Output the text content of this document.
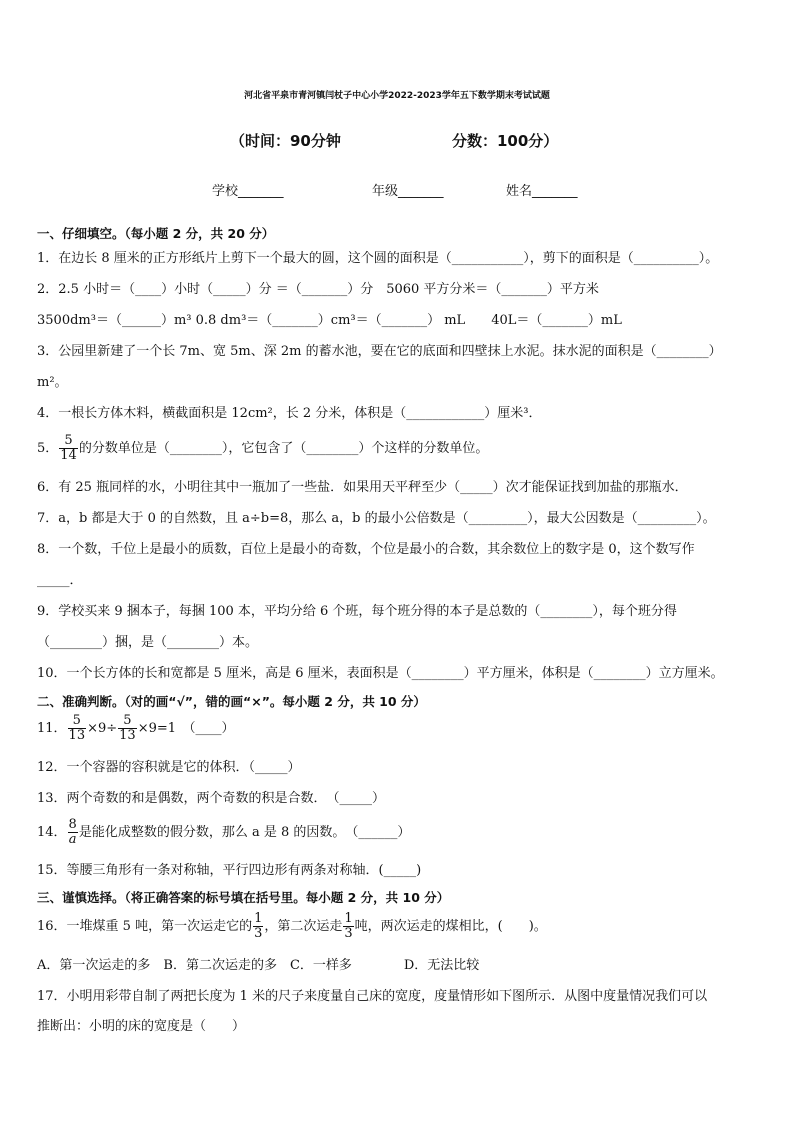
河北省平泉市青河镇闫杖子中心小学2022-2023学年五下数学期末考试试题
（时间：90分钟	分数：100分）
学校_______	年级_______	姓名_______
一、仔细填空。（每小题 2 分，共 20 分）
1．在边长 8 厘米的正方形纸片上剪下一个最大的圆，这个圆的面积是（___________），剪下的面积是（__________）。
2．2.5 小时＝（____）小时（_____）分 ＝（_______）分　5060 平方分米＝（_______）平方米
3500dm³＝（______）m³ 0.8 dm³＝（_______）cm³＝（_______） mL　　40L＝（_______）mL
3．公园里新建了一个长 7m、宽 5m、深 2m 的蓄水池，要在它的底面和四壁抹上水泥。抹水泥的面积是（________）
m²。
4．一根长方体木料，横截面积是 12cm²，长 2 分米，体积是（____________）厘米³．
5． $\frac{5}{14}$ 的分数单位是（________），它包含了（________）个这样的分数单位。
6．有 25 瓶同样的水，小明往其中一瓶加了一些盐．如果用天平秤至少（_____）次才能保证找到加盐的那瓶水．
7．a，b 都是大于 0 的自然数，且 a÷b=8，那么 a，b 的最小公倍数是（_________），最大公因数是（_________）。
8．一个数，千位上是最小的质数，百位上是最小的奇数，个位是最小的合数，其余数位上的数字是 0，这个数写作
_____．
9．学校买来 9 捆本子，每捆 100 本，平均分给 6 个班，每个班分得的本子是总数的（________），每个班分得
（________）捆，是（________）本。
10．一个长方体的长和宽都是 5 厘米，高是 6 厘米，表面积是（________）平方厘米，体积是（________）立方厘米。
二、准确判断。（对的画“√”，错的画“×”。每小题 2 分，共 10 分）
11． $\frac{5}{13} \times 9\div \frac{5}{13} \times 9=1$　（____）
12．一个容器的容积就是它的体积．（_____）
13．两个奇数的和是偶数，两个奇数的积是合数．　（_____）
14． $\frac{8}{a}$ 是能化成整数的假分数，那么 a 是 8 的因数。　（______）
15．等腰三角形有一条对称轴，平行四边形有两条对称轴．(_____)
三、谨慎选择。（将正确答案的标号填在括号里。每小题 2 分，共 10 分）
16．一堆煤重 5 吨，第一次运走它的 $\frac{1}{3}$ ，第二次运走 $\frac{1}{3}$ 吨，两次运走的煤相比，(　　)。
A．第一次运走的多　B．第二次运走的多　C．一样多　　　　D．无法比较
17．小明用彩带自制了两把长度为 1 米的尺子来度量自己床的宽度，度量情形如下图所示．从图中度量情况我们可以
推断出：小明的床的宽度是（　　）
